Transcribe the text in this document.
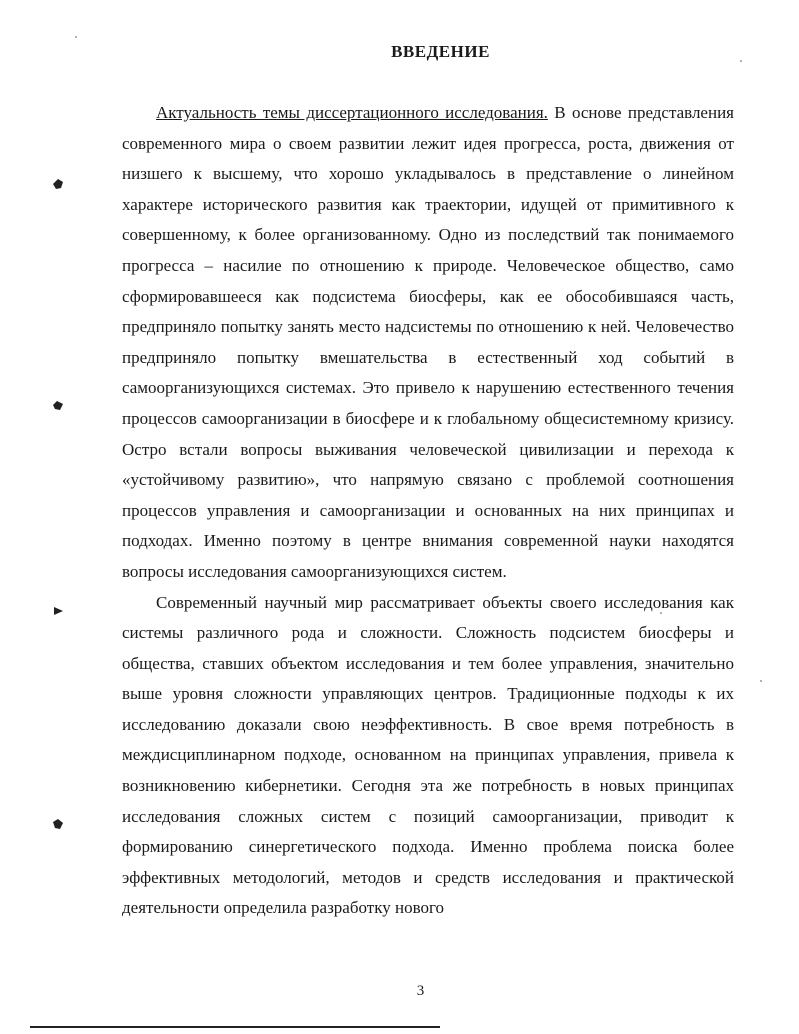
ВВЕДЕНИЕ

Актуальность темы диссертационного исследования. В основе представления современного мира о своем развитии лежит идея прогресса, роста, движения от низшего к высшему, что хорошо укладывалось в представление о линейном характере исторического развития как траектории, идущей от примитивного к совершенному, к более организованному. Одно из последствий так понимаемого прогресса – насилие по отношению к природе. Человеческое общество, само сформировавшееся как подсистема биосферы, как ее обособившаяся часть, предприняло попытку занять место надсистемы по отношению к ней. Человечество предприняло попытку вмешательства в естественный ход событий в самоорганизующихся системах. Это привело к нарушению естественного течения процессов самоорганизации в биосфере и к глобальному общесистемному кризису. Остро встали вопросы выживания человеческой цивилизации и перехода к «устойчивому развитию», что напрямую связано с проблемой соотношения процессов управления и самоорганизации и основанных на них принципах и подходах. Именно поэтому в центре внимания современной науки находятся вопросы исследования самоорганизующихся систем.

Современный научный мир рассматривает объекты своего исследования как системы различного рода и сложности. Сложность подсистем биосферы и общества, ставших объектом исследования и тем более управления, значительно выше уровня сложности управляющих центров. Традиционные подходы к их исследованию доказали свою неэффективность. В свое время потребность в междисциплинарном подходе, основанном на принципах управления, привела к возникновению кибернетики. Сегодня эта же потребность в новых принципах исследования сложных систем с позиций самоорганизации, приводит к формированию синергетического подхода. Именно проблема поиска более эффективных методологий, методов и средств исследования и практической деятельности определила разработку нового

3
